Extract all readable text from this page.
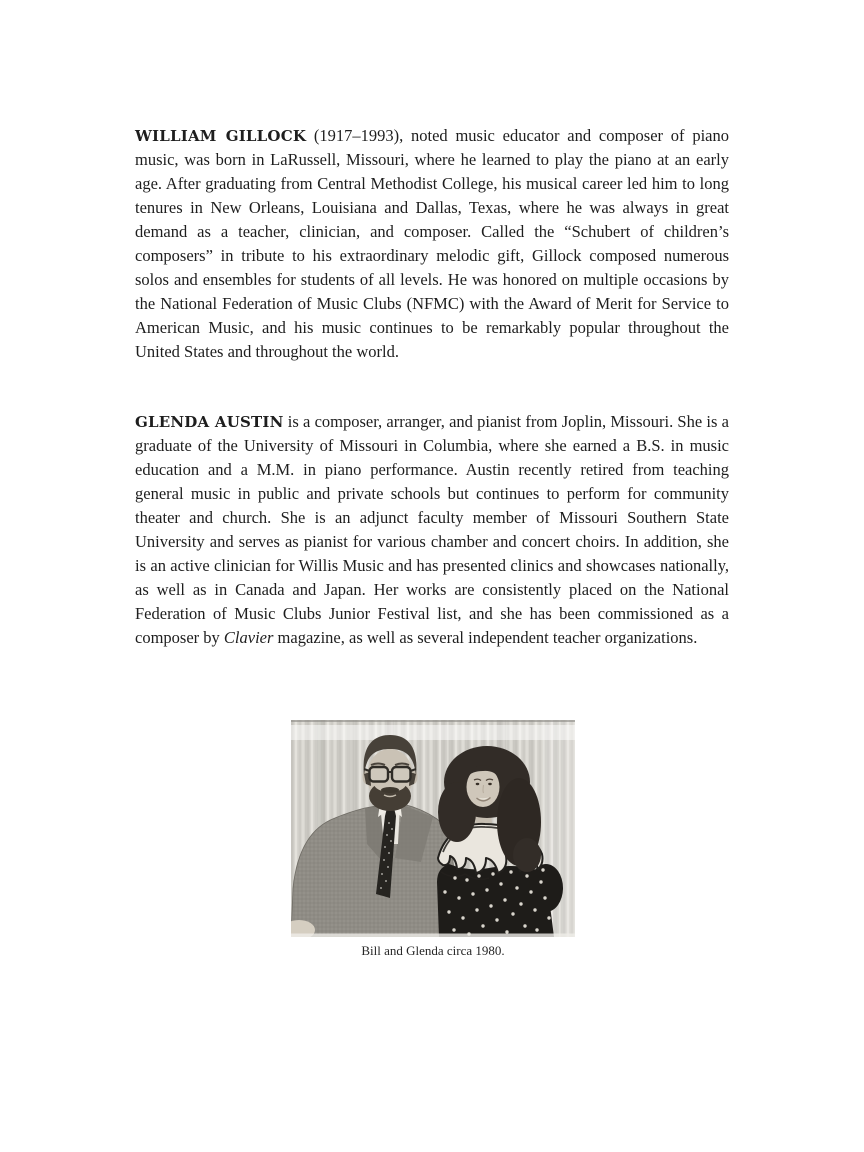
WILLIAM GILLOCK (1917–1993), noted music educator and composer of piano music, was born in LaRussell, Missouri, where he learned to play the piano at an early age. After graduating from Central Methodist College, his musical career led him to long tenures in New Orleans, Louisiana and Dallas, Texas, where he was always in great demand as a teacher, clinician, and composer. Called the “Schubert of children’s composers” in tribute to his extraordinary melodic gift, Gillock composed numerous solos and ensembles for students of all levels. He was honored on multiple occasions by the National Federation of Music Clubs (NFMC) with the Award of Merit for Service to American Music, and his music continues to be remarkably popular throughout the United States and throughout the world.

GLENDA AUSTIN is a composer, arranger, and pianist from Joplin, Missouri. She is a graduate of the University of Missouri in Columbia, where she earned a B.S. in music education and a M.M. in piano performance. Austin recently retired from teaching general music in public and private schools but continues to perform for community theater and church. She is an adjunct faculty member of Missouri Southern State University and serves as pianist for various chamber and concert choirs. In addition, she is an active clinician for Willis Music and has presented clinics and showcases nationally, as well as in Canada and Japan. Her works are consistently placed on the National Federation of Music Clubs Junior Festival list, and she has been commissioned as a composer by Clavier magazine, as well as several independent teacher organizations.

Bill and Glenda circa 1980.
